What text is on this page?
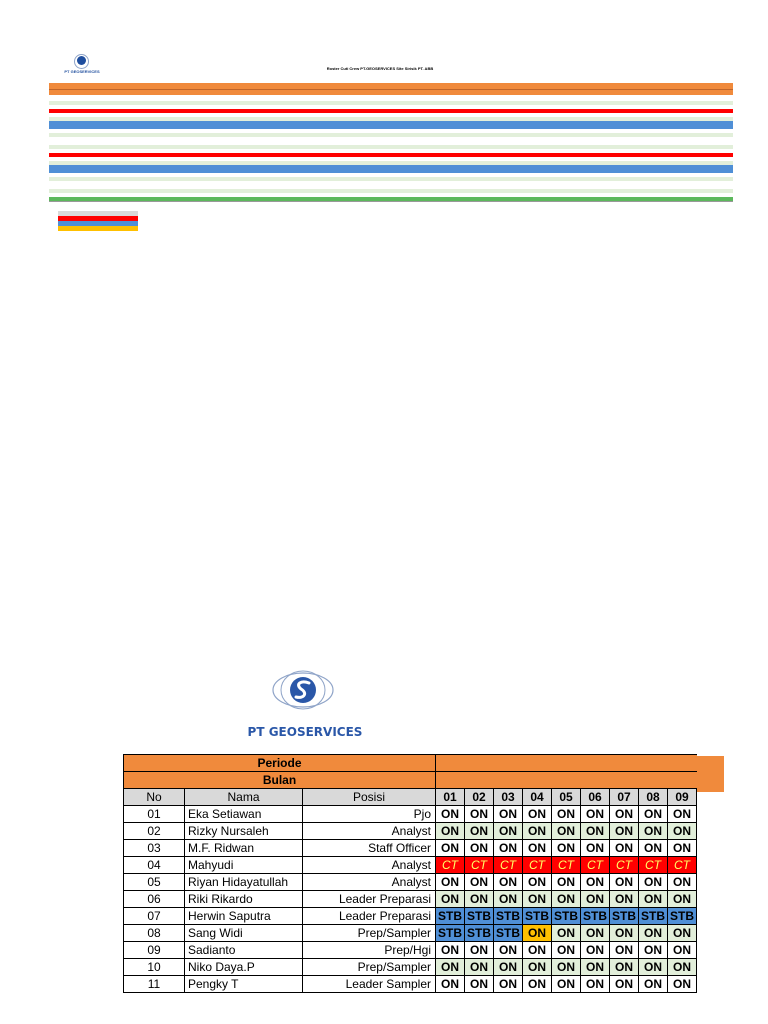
PT GEOSERVICES
Roster Cuti Crew PT.GEOSERVICES Site Sirisik PT. ABB
PT GEOSERVICES
Periode											
Bulan											
No	Nama	Posisi	01	02	03	04	05	06	07	08	09
01	Eka Setiawan	Pjo	ON	ON	ON	ON	ON	ON	ON	ON	ON
02	Rizky Nursaleh	Analyst	ON	ON	ON	ON	ON	ON	ON	ON	ON
03	M.F. Ridwan	Staff Officer	ON	ON	ON	ON	ON	ON	ON	ON	ON
04	Mahyudi	Analyst	CT	CT	CT	CT	CT	CT	CT	CT	CT
05	Riyan Hidayatullah	Analyst	ON	ON	ON	ON	ON	ON	ON	ON	ON
06	Riki Rikardo	Leader Preparasi	ON	ON	ON	ON	ON	ON	ON	ON	ON
07	Herwin Saputra	Leader Preparasi	STB	STB	STB	STB	STB	STB	STB	STB	STB
08	Sang Widi	Prep/Sampler	STB	STB	STB	ON	ON	ON	ON	ON	ON
09	Sadianto	Prep/Hgi	ON	ON	ON	ON	ON	ON	ON	ON	ON
10	Niko Daya.P	Prep/Sampler	ON	ON	ON	ON	ON	ON	ON	ON	ON
11	Pengky T	Leader Sampler	ON	ON	ON	ON	ON	ON	ON	ON	ON
